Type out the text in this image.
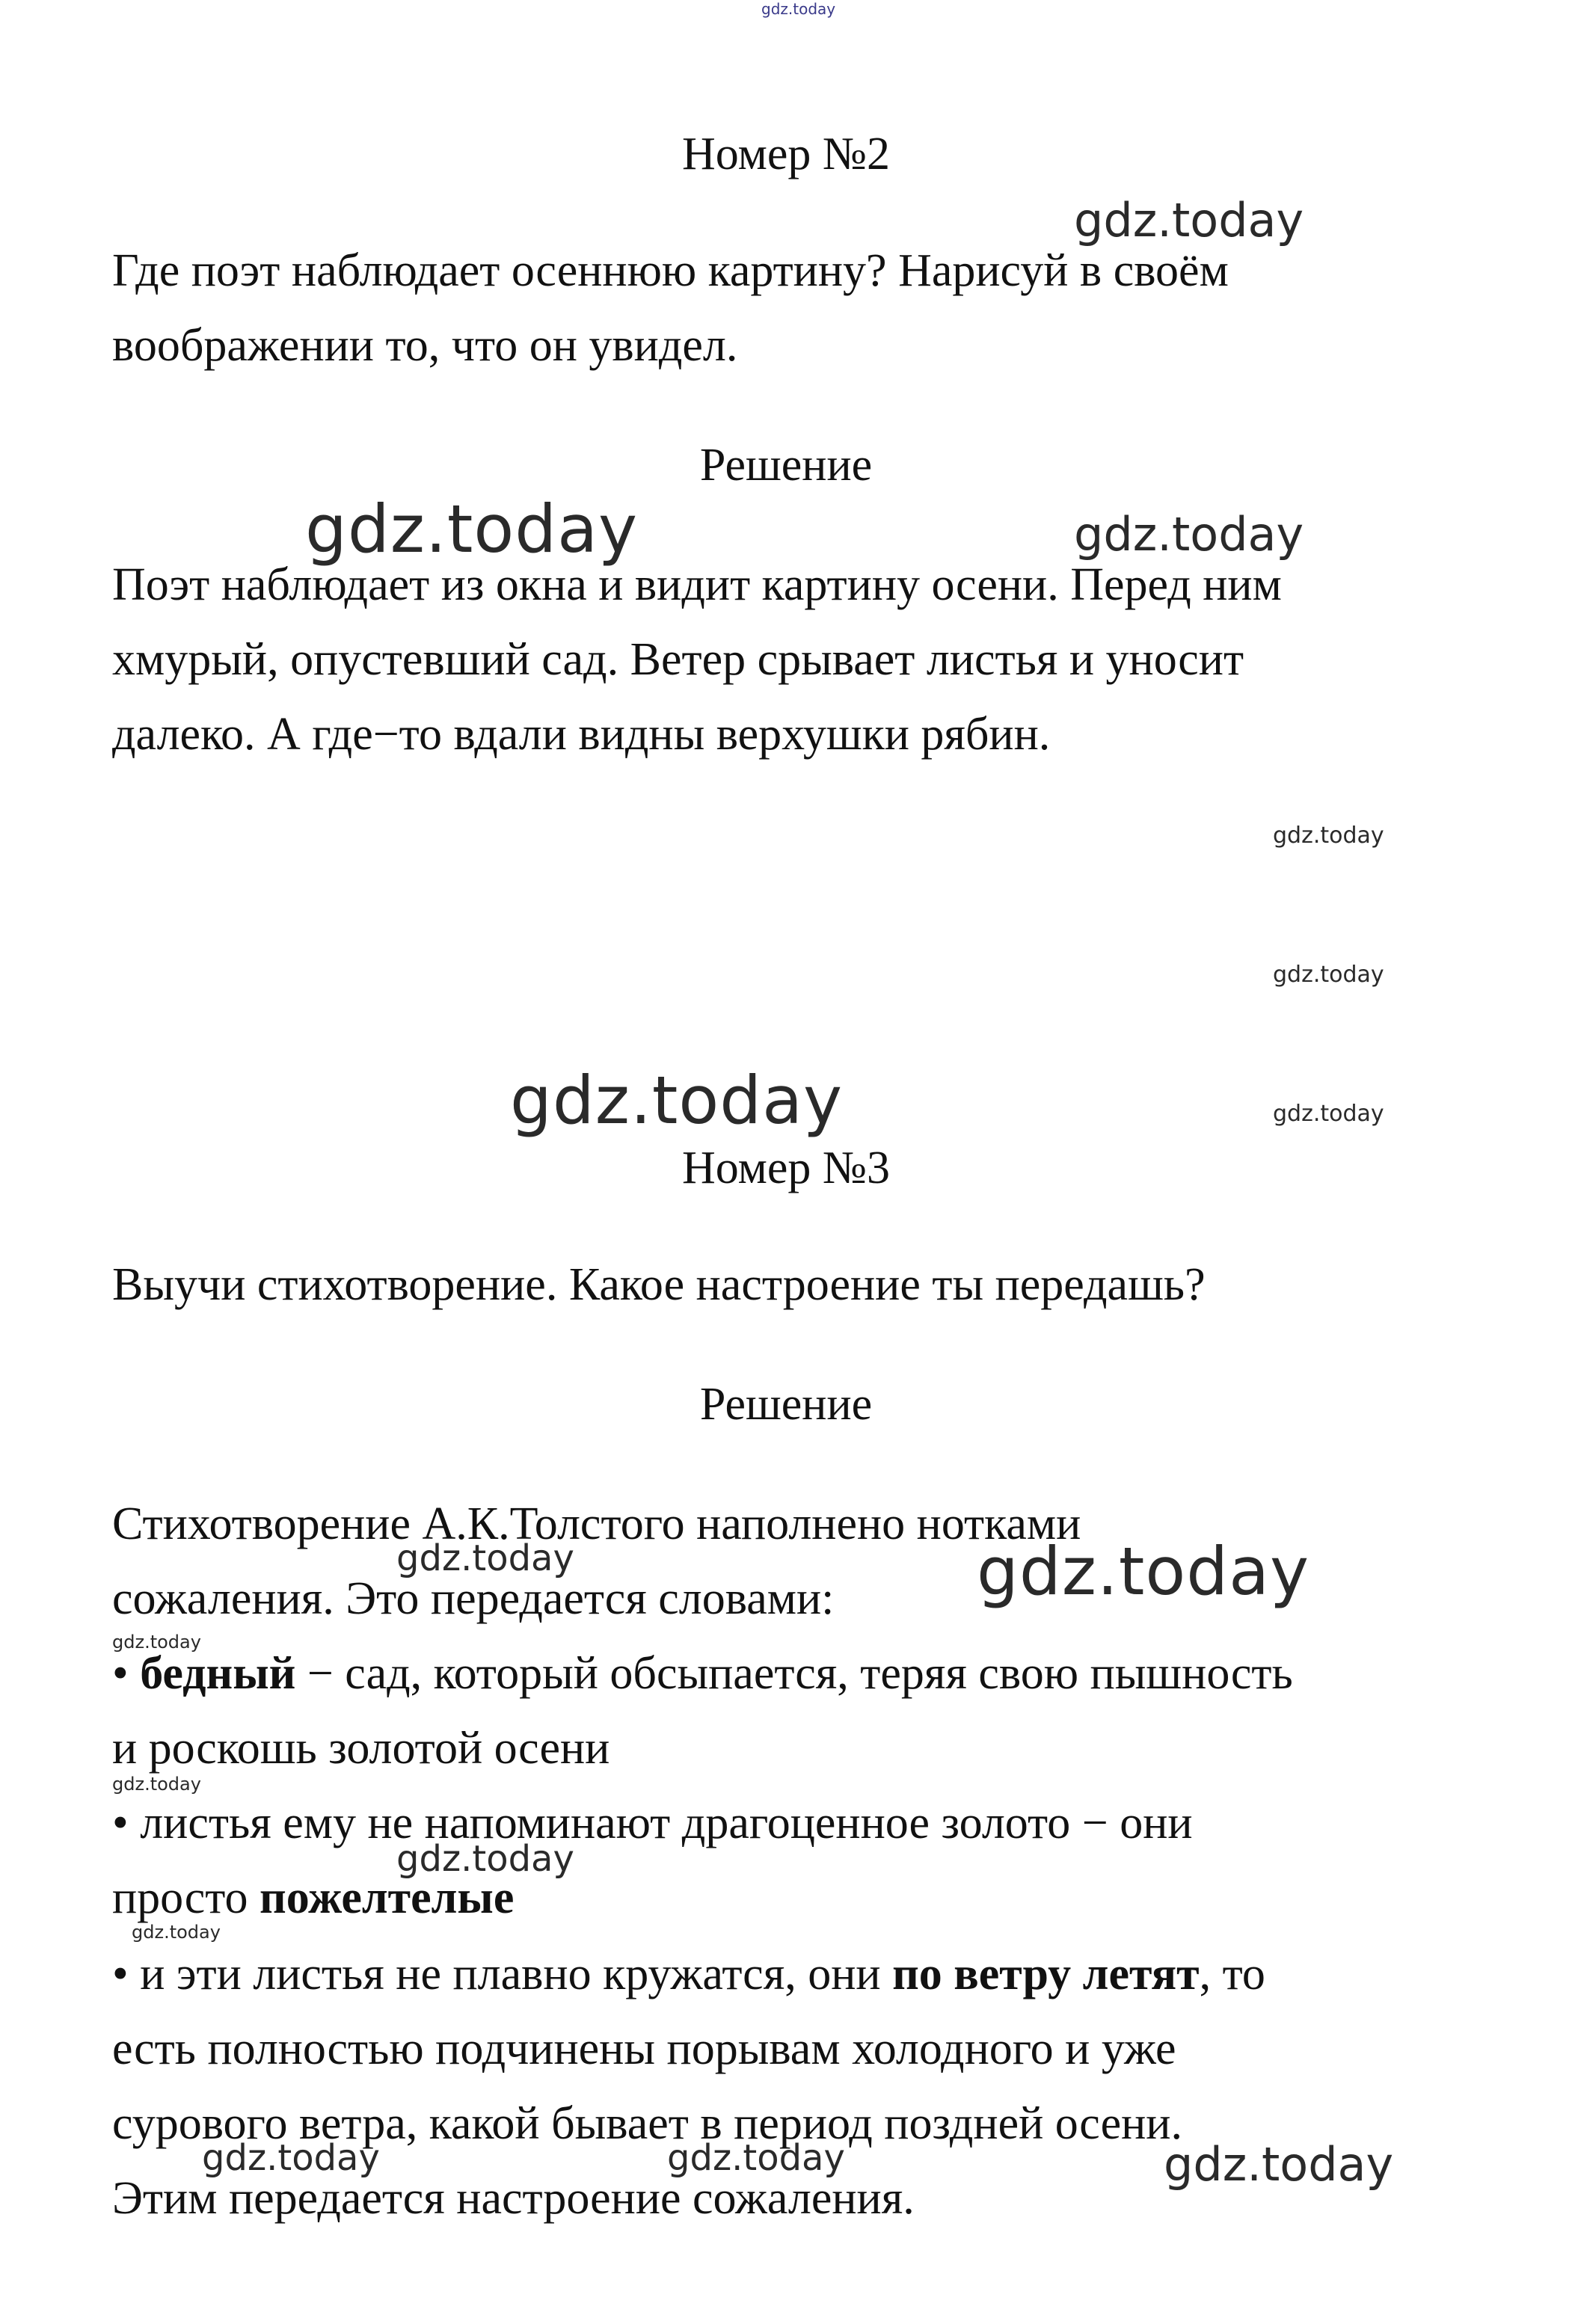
gdz.today
Номер №2
gdz.today

Где поэт наблюдает осеннюю картину? Нарисуй в своём

воображении то, что он увидел.

Решение
gdz.today	gdz.today

Поэт наблюдает из окна и видит картину осени. Перед ним

хмурый, опустевший сад. Ветер срывает листья и уносит

далеко. А где−то вдали видны верхушки рябин.

gdz.today
gdz.today
gdz.today
gdz.today
Номер №3

Выучи стихотворение. Какое настроение ты передашь?

Решение

Стихотворение А.К.Толстого наполнено нотками

gdz.today	gdz.today

сожаления. Это передается словами:

gdz.today

• бедный − сад, который обсыпается, теряя свою пышность

и роскошь золотой осени

gdz.today

• листья ему не напоминают драгоценное золото − они

gdz.today

просто пожелтелые

gdz.today

• и эти листья не плавно кружатся, они по ветру летят, то

есть полностью подчинены порывам холодного и уже

сурового ветра, какой бывает в период поздней осени.

gdz.today	gdz.today	gdz.today

Этим передается настроение сожаления.
